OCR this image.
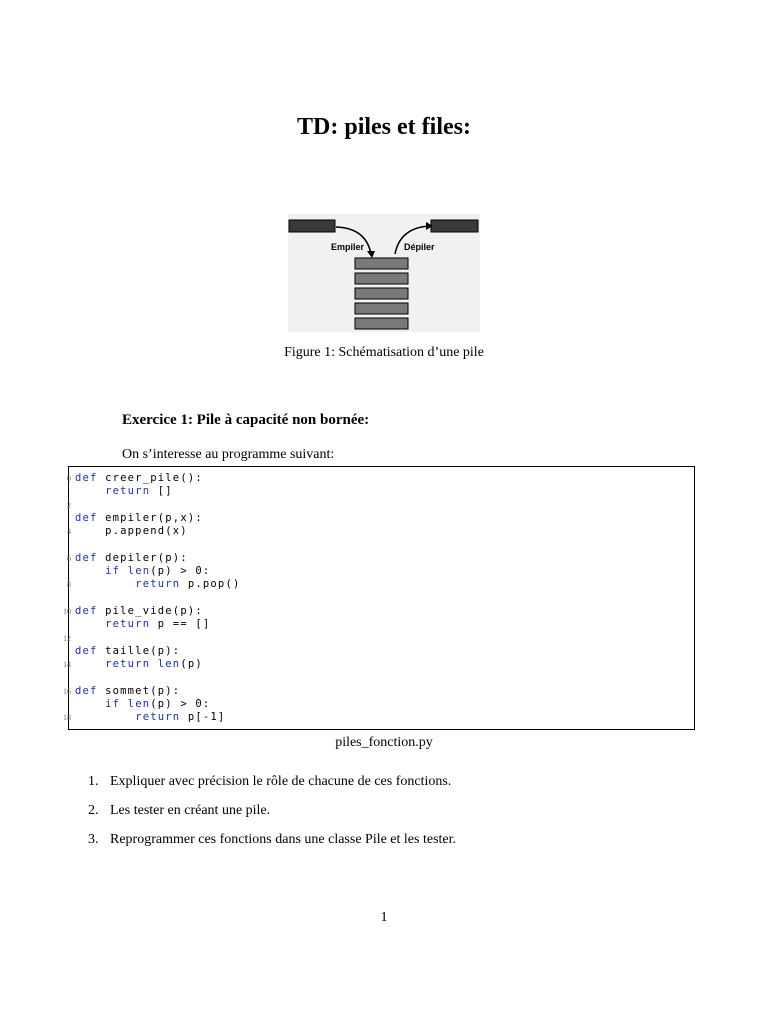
TD: piles et files:
Empiler	Dépiler
Figure 1: Schématisation d’une pile
Exercice 1: Pile à capacité non bornée:
On s’interesse au programme suivant:
0 def creer_pile():
return []
2
def empiler(p,x):
4 p.append(x)
6 def depiler(p):
if len(p) > 0:
8	return p.pop()
10 def pile_vide(p):
return p == []
12
def taille(p):
14	return len(p)
16 def sommet(p):
if len(p) > 0:
18	return p[-1]
piles_fonction.py
1. Expliquer avec précision le rôle de chacune de ces fonctions.
2. Les tester en créant une pile.
3. Reprogrammer ces fonctions dans une classe Pile et les tester.
1
